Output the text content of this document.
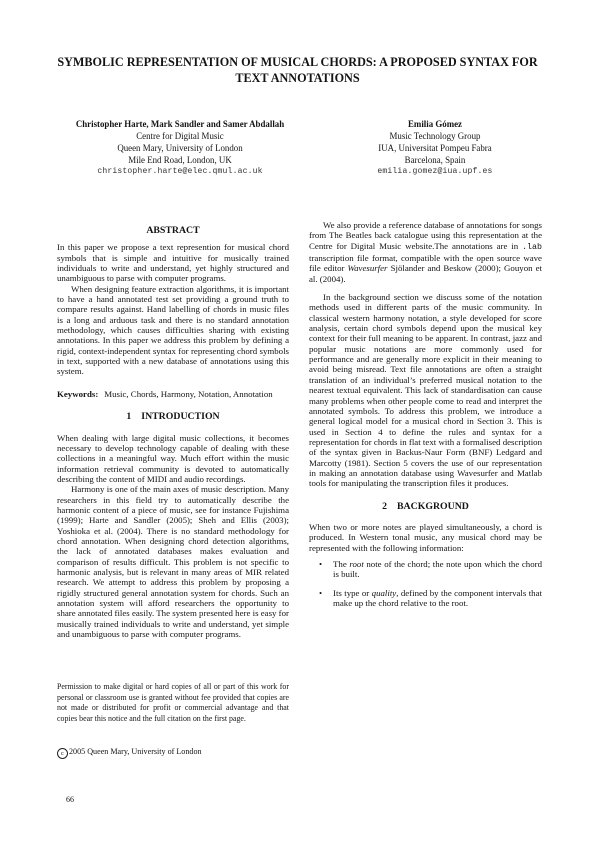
SYMBOLIC REPRESENTATION OF MUSICAL CHORDS: A PROPOSED SYNTAX FOR TEXT ANNOTATIONS
Christopher Harte, Mark Sandler and Samer Abdallah
Centre for Digital Music
Queen Mary, University of London
Mile End Road, London, UK
christopher.harte@elec.qmul.ac.uk
Emilia Gómez
Music Technology Group
IUA, Universitat Pompeu Fabra
Barcelona, Spain
emilia.gomez@iua.upf.es

ABSTRACT

In this paper we propose a text represention for musical chord symbols that is simple and intuitive for musically trained individuals to write and understand, yet highly structured and unambiguous to parse with computer programs.

When designing feature extraction algorithms, it is important to have a hand annotated test set providing a ground truth to compare results against. Hand labelling of chords in music files is a long and arduous task and there is no standard annotation methodology, which causes difficulties sharing with existing annotations. In this paper we address this problem by defining a rigid, context-independent syntax for representing chord symbols in text, supported with a new database of annotations using this system.

Keywords: Music, Chords, Harmony, Notation, Annotation

1 INTRODUCTION

When dealing with large digital music collections, it becomes necessary to develop technology capable of dealing with these collections in a meaningful way. Much effort within the music information retrieval community is devoted to automatically describing the content of MIDI and audio recordings.

Harmony is one of the main axes of music description. Many researchers in this field try to automatically describe the harmonic content of a piece of music, see for instance Fujishima (1999); Harte and Sandler (2005); Sheh and Ellis (2003); Yoshioka et al. (2004). There is no standard methodology for chord annotation. When designing chord detection algorithms, the lack of annotated databases makes evaluation and comparison of results difficult. This problem is not specific to harmonic analysis, but is relevant in many areas of MIR related research. We attempt to address this problem by proposing a rigidly structured general annotation system for chords. Such an annotation system will afford researchers the opportunity to share annotated files easily. The system presented here is easy for musically trained individuals to write and understand, yet simple and unambiguous to parse with computer programs.

Permission to make digital or hard copies of all or part of this work for personal or classroom use is granted without fee provided that copies are not made or distributed for profit or commercial advantage and that copies bear this notice and the full citation on the first page.
c 2005 Queen Mary, University of London
66

We also provide a reference database of annotations for songs from The Beatles back catalogue using this representation at the Centre for Digital Music website.The annotations are in .lab transcription file format, compatible with the open source wave file editor Wavesurfer Sjölander and Beskow (2000); Gouyon et al. (2004).

In the background section we discuss some of the notation methods used in different parts of the music community. In classical western harmony notation, a style developed for score analysis, certain chord symbols depend upon the musical key context for their full meaning to be apparent. In contrast, jazz and popular music notations are more commonly used for performance and are generally more explicit in their meaning to avoid being misread. Text file annotations are often a straight translation of an individual’s preferred musical notation to the nearest textual equivalent. This lack of standardisation can cause many problems when other people come to read and interpret the annotated symbols. To address this problem, we introduce a general logical model for a musical chord in Section 3. This is used in Section 4 to define the rules and syntax for a representation for chords in flat text with a formalised description of the syntax given in Backus-Naur Form (BNF) Ledgard and Marcotty (1981). Section 5 covers the use of our representation in making an annotation database using Wavesurfer and Matlab tools for manipulating the transcription files it produces.

2 BACKGROUND

When two or more notes are played simultaneously, a chord is produced. In Western tonal music, any musical chord may be represented with the following information:

• The root note of the chord; the note upon which the chord is built.
• Its type or quality, defined by the component intervals that make up the chord relative to the root.
